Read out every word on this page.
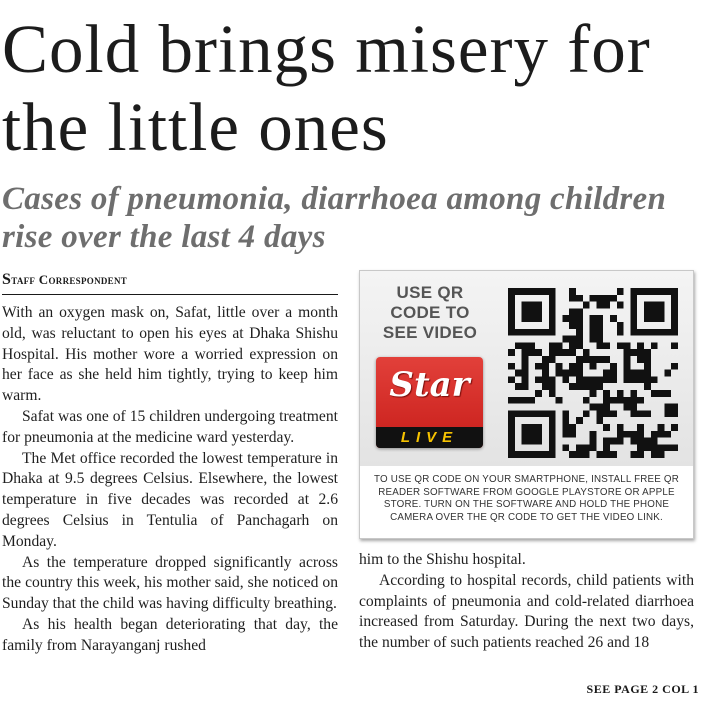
Cold brings misery for the little ones
Cases of pneumonia, diarrhoea among children rise over the last 4 days
Staff Correspondent

With an oxygen mask on, Safat, little over a month old, was reluctant to open his eyes at Dhaka Shishu Hospital. His mother wore a worried expression on her face as she held him tightly, trying to keep him warm.

Safat was one of 15 children undergoing treatment for pneumonia at the medicine ward yesterday.

The Met office recorded the lowest temperature in Dhaka at 9.5 degrees Celsius. Elsewhere, the lowest temperature in five decades was recorded at 2.6 degrees Celsius in Tentulia of Panchagarh on Monday.

As the temperature dropped significantly across the country this week, his mother said, she noticed on Sunday that the child was having difficulty breathing.

As his health began deteriorating that day, the family from Narayanganj rushed

USE QR
CODE TO
SEE VIDEO
Star
LIVE
TO USE QR CODE ON YOUR SMARTPHONE, INSTALL FREE QR READER SOFTWARE FROM GOOGLE PLAYSTORE OR APPLE STORE. TURN ON THE SOFTWARE AND HOLD THE PHONE CAMERA OVER THE QR CODE TO GET THE VIDEO LINK.

him to the Shishu hospital.

According to hospital records, child patients with complaints of pneumonia and cold-related diarrhoea increased from Saturday. During the next two days, the number of such patients reached 26 and 18

SEE PAGE 2 COL 1
